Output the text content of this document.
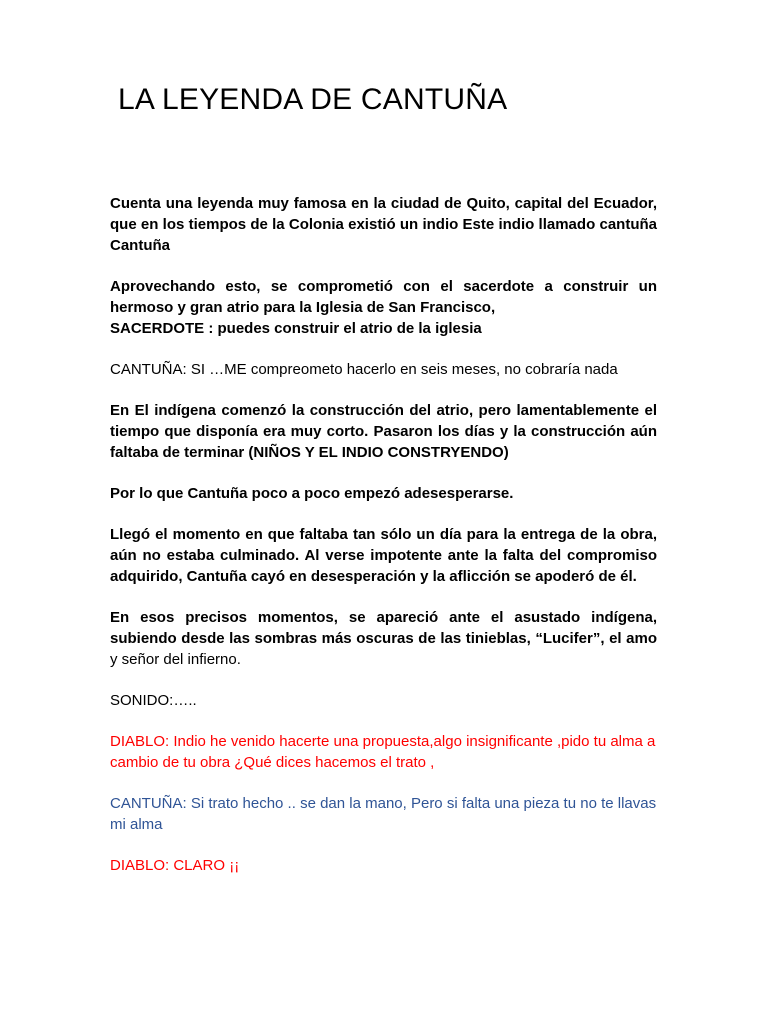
LA LEYENDA DE CANTUÑA

Cuenta una leyenda muy famosa en la ciudad de Quito, capital del Ecuador, que en los tiempos de la Colonia existió un indio Este indio llamado cantuña Cantuña

Aprovechando esto, se comprometió con el sacerdote a construir un hermoso y gran atrio para la Iglesia de San Francisco,
SACERDOTE : puedes construir el atrio de la iglesia

CANTUÑA: SI …ME compreometo hacerlo en seis meses, no cobraría nada

En El indígena comenzó la construcción del atrio, pero lamentablemente el tiempo que disponía era muy corto. Pasaron los días y la construcción aún faltaba de terminar (NIÑOS Y EL INDIO CONSTRYENDO)

Por lo que Cantuña poco a poco empezó adesesperarse.

Llegó el momento en que faltaba tan sólo un día para la entrega de la obra, aún no estaba culminado. Al verse impotente ante la falta del compromiso adquirido, Cantuña cayó en desesperación y la aflicción se apoderó de él.

En esos precisos momentos, se apareció ante el asustado indígena, subiendo desde las sombras más oscuras de las tinieblas, “Lucifer”, el amo y señor del infierno.

SONIDO:…..

DIABLO: Indio he venido hacerte una propuesta,algo insignificante ,pido tu alma a cambio de tu obra ¿Qué dices hacemos el trato ,

CANTUÑA: Si trato hecho .. se dan la mano, Pero si falta una pieza tu no te llavas mi alma

DIABLO: CLARO ¡¡
